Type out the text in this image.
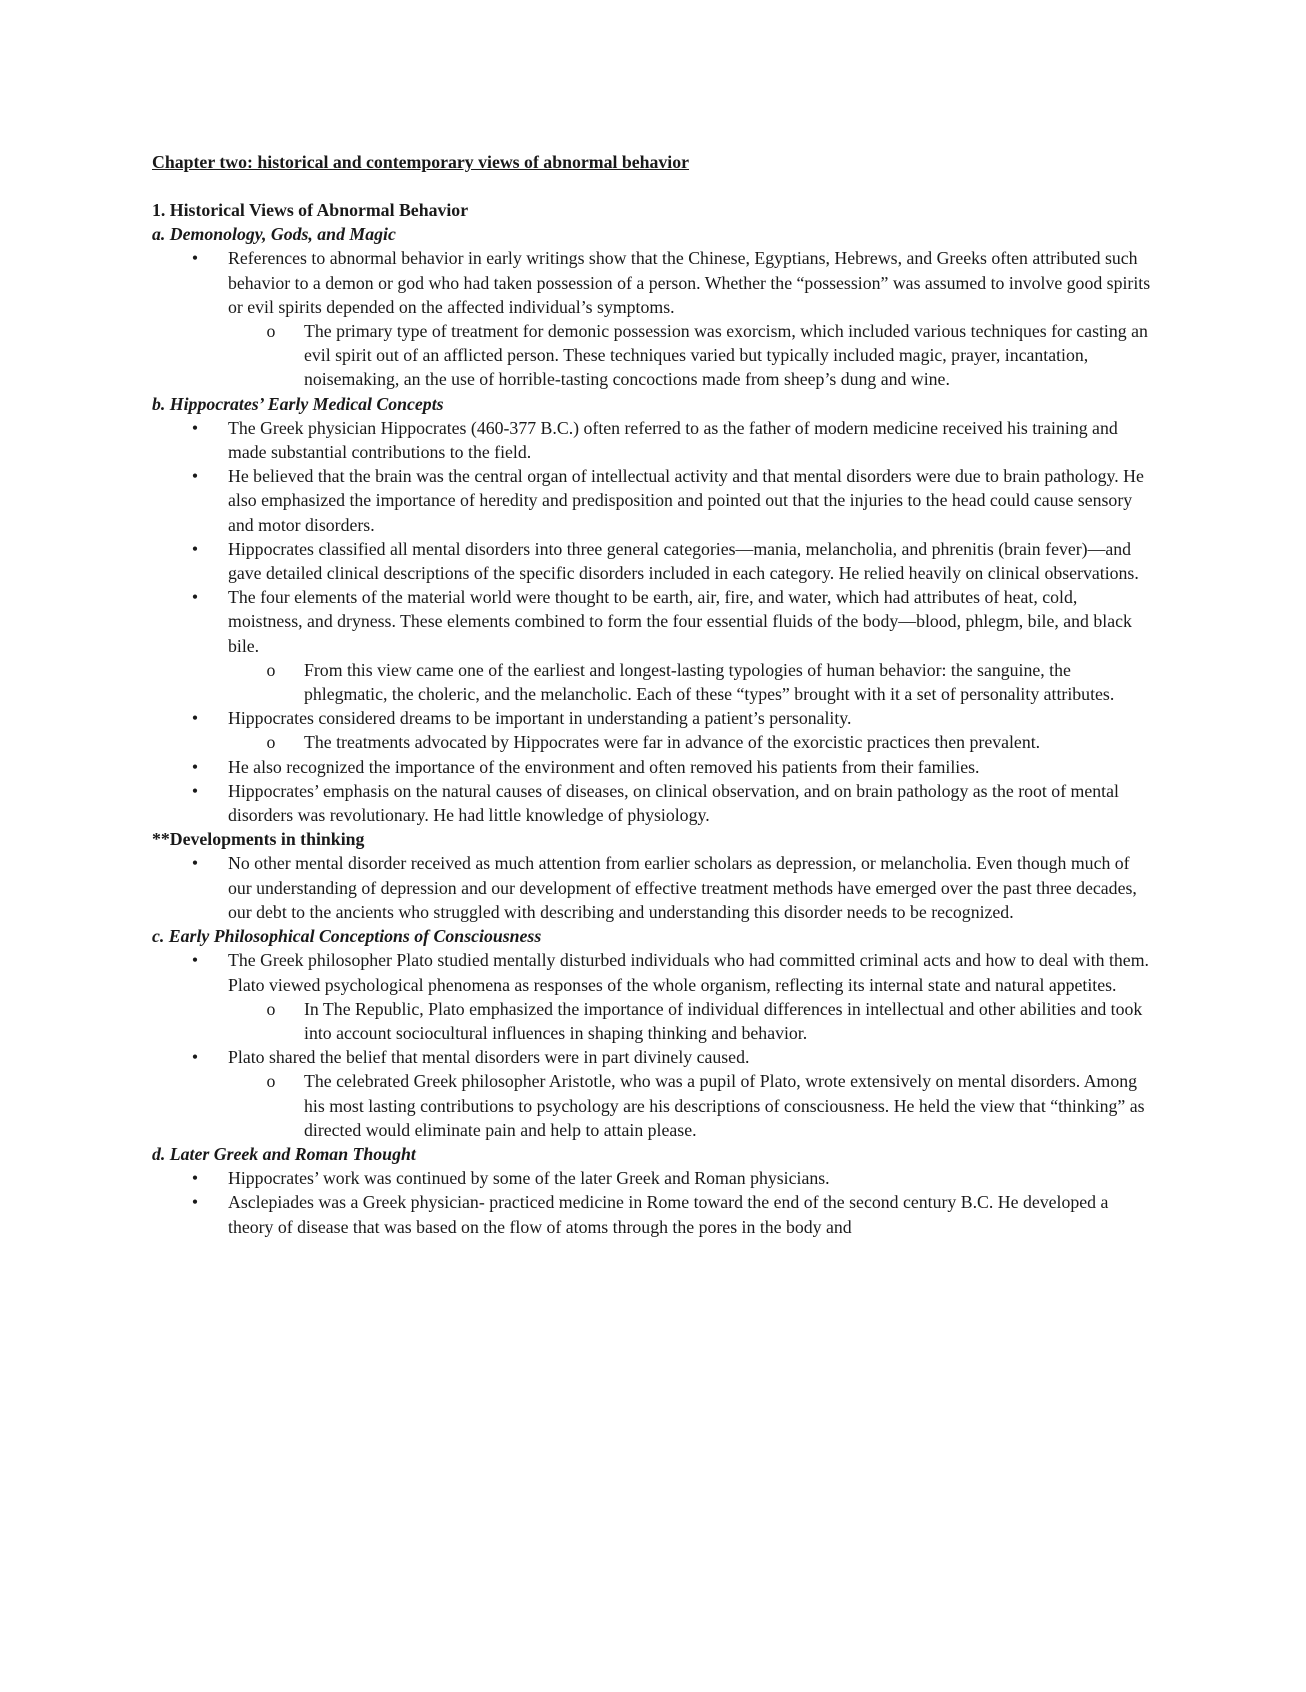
Chapter two: historical and contemporary views of abnormal behavior

1. Historical Views of Abnormal Behavior

a. Demonology, Gods, and Magic

• References to abnormal behavior in early writings show that the Chinese, Egyptians, Hebrews, and Greeks often attributed such behavior to a demon or god who had taken possession of a person. Whether the “possession” was assumed to involve good spirits or evil spirits depended on the affected individual’s symptoms.
o The primary type of treatment for demonic possession was exorcism, which included various techniques for casting an evil spirit out of an afflicted person. These techniques varied but typically included magic, prayer, incantation, noisemaking, an the use of horrible-tasting concoctions made from sheep’s dung and wine.

b. Hippocrates’ Early Medical Concepts

• The Greek physician Hippocrates (460-377 B.C.) often referred to as the father of modern medicine received his training and made substantial contributions to the field.
• He believed that the brain was the central organ of intellectual activity and that mental disorders were due to brain pathology. He also emphasized the importance of heredity and predisposition and pointed out that the injuries to the head could cause sensory and motor disorders.
• Hippocrates classified all mental disorders into three general categories—mania, melancholia, and phrenitis (brain fever)—and gave detailed clinical descriptions of the specific disorders included in each category. He relied heavily on clinical observations.
• The four elements of the material world were thought to be earth, air, fire, and water, which had attributes of heat, cold, moistness, and dryness. These elements combined to form the four essential fluids of the body—blood, phlegm, bile, and black bile.
o From this view came one of the earliest and longest-lasting typologies of human behavior: the sanguine, the phlegmatic, the choleric, and the melancholic. Each of these “types” brought with it a set of personality attributes.
• Hippocrates considered dreams to be important in understanding a patient’s personality.
o The treatments advocated by Hippocrates were far in advance of the exorcistic practices then prevalent.
• He also recognized the importance of the environment and often removed his patients from their families.
• Hippocrates’ emphasis on the natural causes of diseases, on clinical observation, and on brain pathology as the root of mental disorders was revolutionary. He had little knowledge of physiology.

**Developments in thinking

• No other mental disorder received as much attention from earlier scholars as depression, or melancholia. Even though much of our understanding of depression and our development of effective treatment methods have emerged over the past three decades, our debt to the ancients who struggled with describing and understanding this disorder needs to be recognized.

c. Early Philosophical Conceptions of Consciousness

• The Greek philosopher Plato studied mentally disturbed individuals who had committed criminal acts and how to deal with them. Plato viewed psychological phenomena as responses of the whole organism, reflecting its internal state and natural appetites.
o In The Republic, Plato emphasized the importance of individual differences in intellectual and other abilities and took into account sociocultural influences in shaping thinking and behavior.
• Plato shared the belief that mental disorders were in part divinely caused.
o The celebrated Greek philosopher Aristotle, who was a pupil of Plato, wrote extensively on mental disorders. Among his most lasting contributions to psychology are his descriptions of consciousness. He held the view that “thinking” as directed would eliminate pain and help to attain please.

d. Later Greek and Roman Thought

• Hippocrates’ work was continued by some of the later Greek and Roman physicians.
• Asclepiades was a Greek physician- practiced medicine in Rome toward the end of the second century B.C. He developed a theory of disease that was based on the flow of atoms through the pores in the body and
